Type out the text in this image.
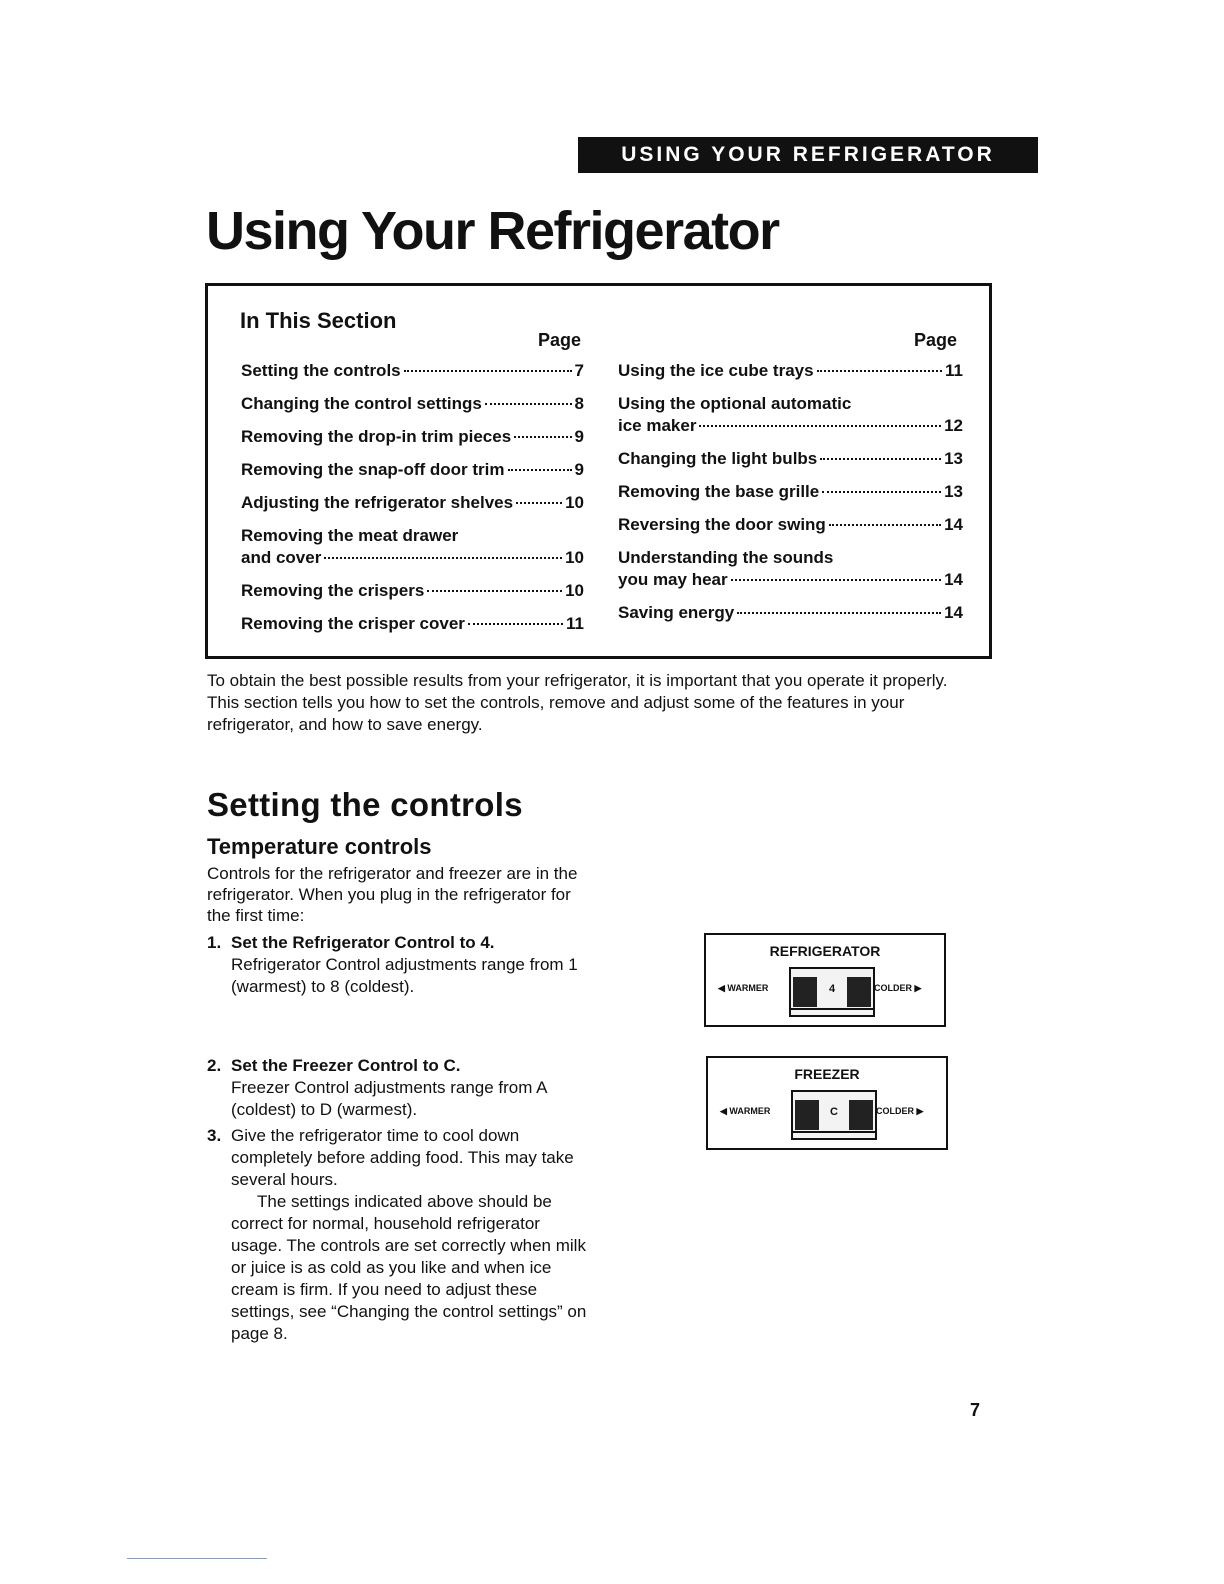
USING YOUR REFRIGERATOR
Using Your Refrigerator
In This Section
Page	Page
Setting the controls	7
Changing the control settings	8
Removing the drop-in trim pieces	9
Removing the snap-off door trim	9
Adjusting the refrigerator shelves	10
Removing the meat drawer
and cover	10
Removing the crispers	10
Removing the crisper cover	11
Using the ice cube trays	11
Using the optional automatic
ice maker	12
Changing the light bulbs	13
Removing the base grille	13
Reversing the door swing	14
Understanding the sounds
you may hear	14
Saving energy	14

To obtain the best possible results from your refrigerator, it is important that you operate it properly. This section tells you how to set the controls, remove and adjust some of the features in your refrigerator, and how to save energy.

Setting the controls
Temperature controls

Controls for the refrigerator and freezer are in the refrigerator. When you plug in the refrigerator for the first time:

1. Set the Refrigerator Control to 4.
Refrigerator Control adjustments range from 1 (warmest) to 8 (coldest).
2. Set the Freezer Control to C.
Freezer Control adjustments range from A (coldest) to D (warmest).
3. Give the refrigerator time to cool down completely before adding food. This may take several hours.
The settings indicated above should be correct for normal, household refrigerator usage. The controls are set correctly when milk or juice is as cold as you like and when ice cream is firm. If you need to adjust these settings, see “Changing the control settings” on page 8.
REFRIGERATOR
4
◀ WARMER	COLDER ▶
FREEZER
C
◀ WARMER	COLDER ▶
7
